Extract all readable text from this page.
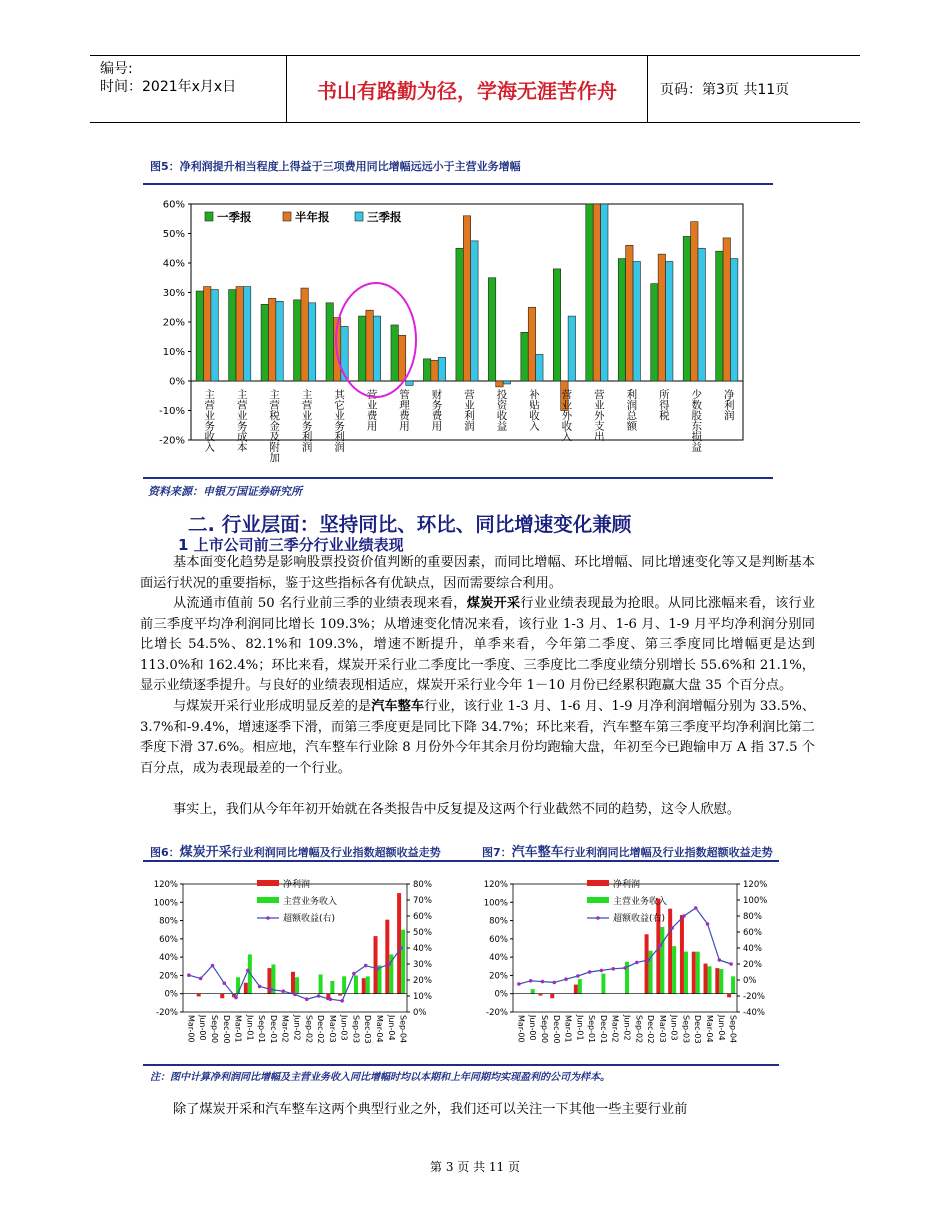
编号:
时间：2021年x月x日	书山有路勤为径，学海无涯苦作舟	页码：第3页 共11页
图5：净利润提升相当程度上得益于三项费用同比增幅远远小于主营业务增幅
-20%
-10%
0%
10%
20%
30%
40%
50%
60%
主营业务收入 主营业务成本 主营税金及附加 主营业务利润 其它业务利润 营业费用 管理费用 财务费用 营业利润 投资收益 补贴收入 营业外收入 营业外支出 利润总额 所得税 少数股东损益 净利润
一季报	半年报	三季报
资料来源：申银万国证券研究所
二. 行业层面：坚持同比、环比、同比增速变化兼顾
1 上市公司前三季分行业业绩表现
基本面变化趋势是影响股票投资价值判断的重要因素，而同比增幅、环比增幅、同比增速变化等又是判断基本面运行状况的重要指标，鉴于这些指标各有优缺点，因而需要综合利用。
从流通市值前 50 名行业前三季的业绩表现来看，煤炭开采行业业绩表现最为抢眼。从同比涨幅来看，该行业前三季度平均净利润同比增长 109.3%；从增速变化情况来看，该行业 1-3 月、1-6 月、1-9 月平均净利润分别同比增长 54.5%、82.1%和 109.3%，增速不断提升，单季来看，今年第二季度、第三季度同比增幅更是达到 113.0%和 162.4%；环比来看，煤炭开采行业二季度比一季度、三季度比二季度业绩分别增长 55.6%和 21.1%，显示业绩逐季提升。与良好的业绩表现相适应，煤炭开采行业今年 1－10 月份已经累积跑赢大盘 35 个百分点。
与煤炭开采行业形成明显反差的是汽车整车行业，该行业 1-3 月、1-6 月、1-9 月净利润增幅分别为 33.5%、3.7%和-9.4%，增速逐季下滑，而第三季度更是同比下降 34.7%；环比来看，汽车整车第三季度平均净利润比第二季度下滑 37.6%。相应地，汽车整车行业除 8 月份外今年其余月份均跑输大盘，年初至今已跑输申万 A 指 37.5 个百分点，成为表现最差的一个行业。
事实上，我们从今年年初开始就在各类报告中反复提及这两个行业截然不同的趋势，这令人欣慰。
图6：煤炭开采行业利润同比增幅及行业指数超额收益走势	图7：汽车整车行业利润同比增幅及行业指数超额收益走势
-20%
0%
20%
40%
60%
80%
100%
120%
0%
10%
20%
30%
40%
50%
60%
70%
80%
Mar-00 Jun-00 Sep-00 Dec-00 Mar-01 Jun-01 Sep-01 Dec-01 Mar-02 Jun-02 Sep-02 Dec-02 Mar-03 Jun-03 Sep-03 Dec-03 Mar-04 Jun-04 Sep-04
净利润
主营业务收入
超额收益(右)
-20%
0%
20%
40%
60%
80%
100%
120%
-40%
-20%
0%
20%
40%
60%
80%
100%
120%
Mar-00 Jun-00 Sep-00 Dec-00 Mar-01 Jun-01 Sep-01 Dec-01 Mar-02 Jun-02 Sep-02 Dec-02 Mar-03 Jun-03 Sep-03 Dec-03 Mar-04 Jun-04 Sep-04
净利润
主营业务收入
超额收益(右)
注：图中计算净利润同比增幅及主营业务收入同比增幅时均以本期和上年同期均实现盈利的公司为样本。
除了煤炭开采和汽车整车这两个典型行业之外，我们还可以关注一下其他一些主要行业前
第 3 页 共 11 页
